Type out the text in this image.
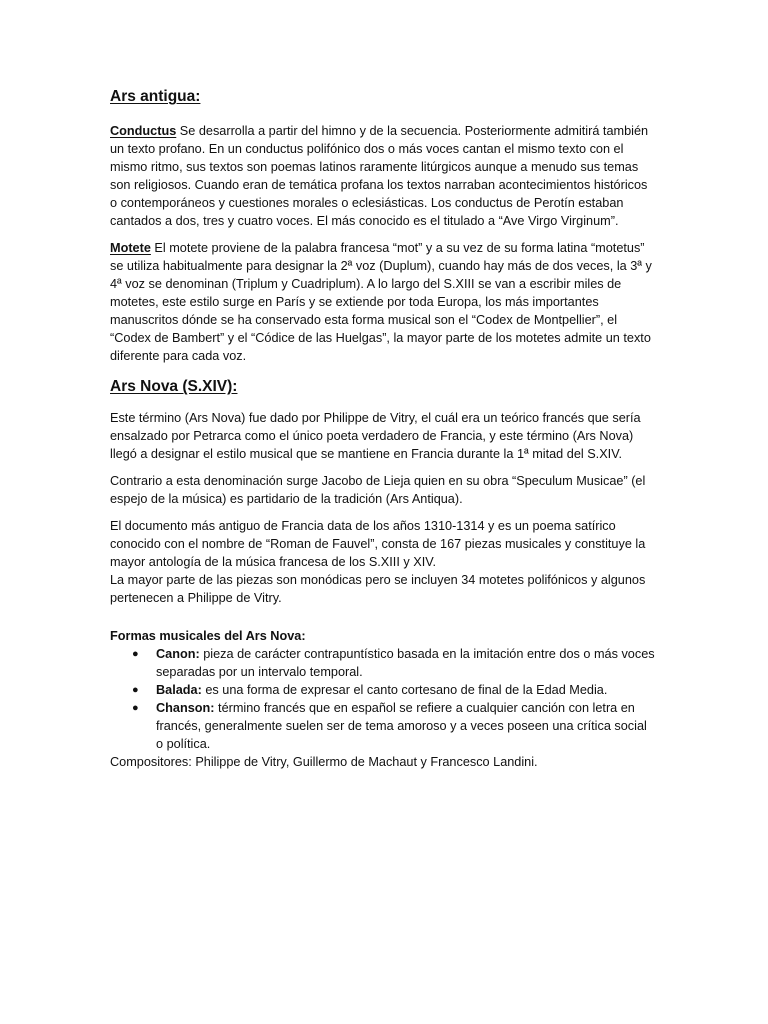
Ars antigua:

Conductus Se desarrolla a partir del himno y de la secuencia. Posteriormente admitirá también un texto profano. En un conductus polifónico dos o más voces cantan el mismo texto con el mismo ritmo, sus textos son poemas latinos raramente litúrgicos aunque a menudo sus temas son religiosos. Cuando eran de temática profana los textos narraban acontecimientos históricos o contemporáneos y cuestiones morales o eclesiásticas. Los conductus de Perotín estaban cantados a dos, tres y cuatro voces. El más conocido es el titulado a “Ave Virgo Virginum”.

Motete El motete proviene de la palabra francesa “mot” y a su vez de su forma latina “motetus” se utiliza habitualmente para designar la 2ª voz (Duplum), cuando hay más de dos veces, la 3ª y 4ª voz se denominan (Triplum y Cuadriplum). A lo largo del S.XIII se van a escribir miles de motetes, este estilo surge en París y se extiende por toda Europa, los más importantes manuscritos dónde se ha conservado esta forma musical son el “Codex de Montpellier”, el “Codex de Bambert” y el “Códice de las Huelgas”, la mayor parte de los motetes admite un texto diferente para cada voz.

Ars Nova (S.XIV):

Este término (Ars Nova) fue dado por Philippe de Vitry, el cuál era un teórico francés que sería ensalzado por Petrarca como el único poeta verdadero de Francia, y este término (Ars Nova) llegó a designar el estilo musical que se mantiene en Francia durante la 1ª mitad del S.XIV.

Contrario a esta denominación surge Jacobo de Lieja quien en su obra “Speculum Musicae” (el espejo de la música) es partidario de la tradición (Ars Antiqua).

El documento más antiguo de Francia data de los años 1310-1314 y es un poema satírico conocido con el nombre de “Roman de Fauvel”, consta de 167 piezas musicales y constituye la mayor antología de la música francesa de los S.XIII y XIV.

La mayor parte de las piezas son monódicas pero se incluyen 34 motetes polifónicos y algunos pertenecen a Philippe de Vitry.

Formas musicales del Ars Nova:
● Canon: pieza de carácter contrapuntístico basada en la imitación entre dos o más voces separadas por un intervalo temporal.
● Balada: es una forma de expresar el canto cortesano de final de la Edad Media.
● Chanson: término francés que en español se refiere a cualquier canción con letra en francés, generalmente suelen ser de tema amoroso y a veces poseen una crítica social o política.
Compositores: Philippe de Vitry, Guillermo de Machaut y Francesco Landini.
